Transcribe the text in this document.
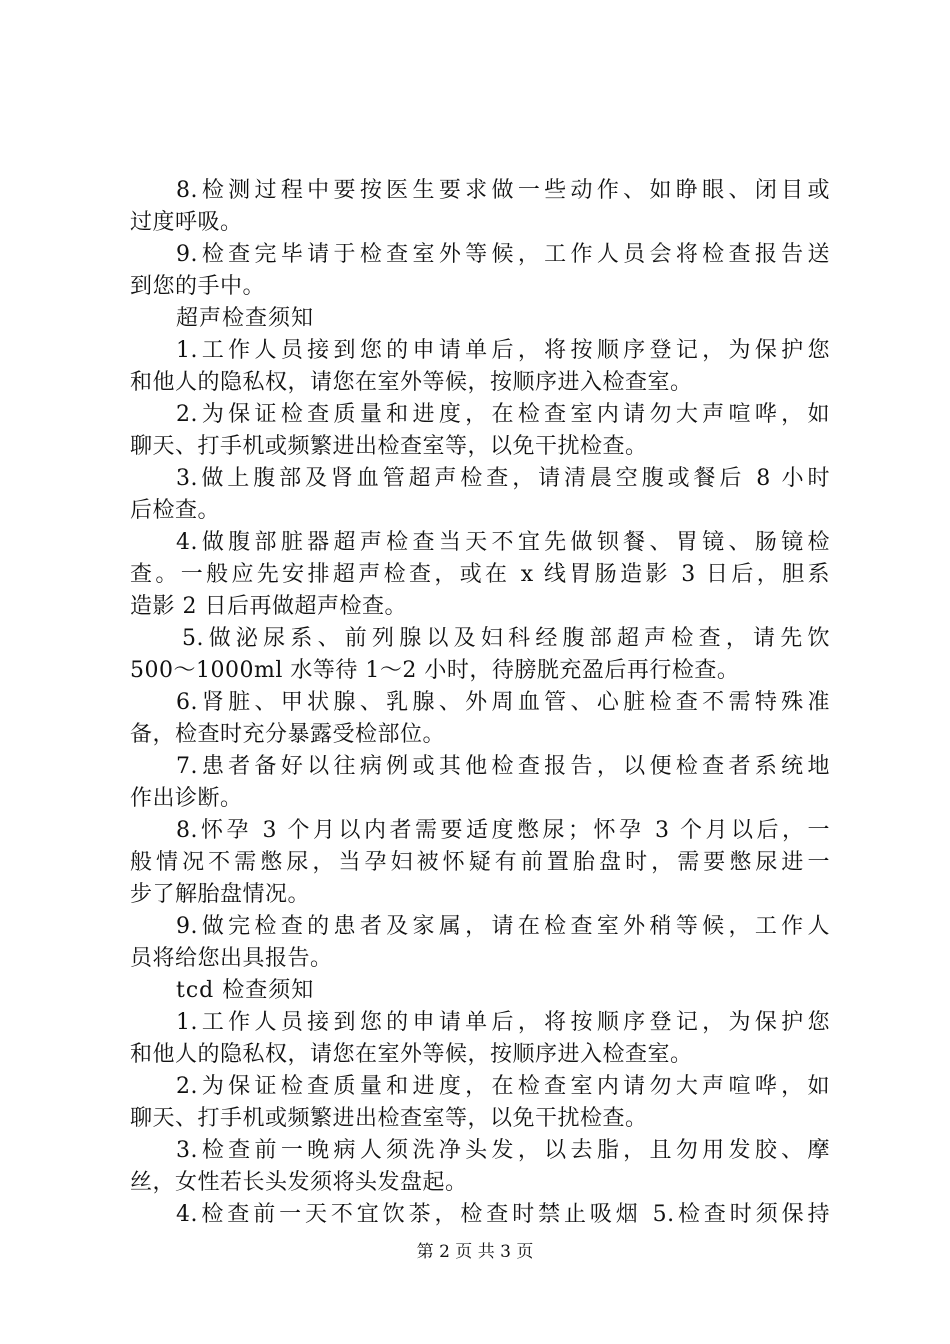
8.检测过程中要按医生要求做一些动作、如睁眼、闭目或
过度呼吸。
9.检查完毕请于检查室外等候，工作人员会将检查报告送
到您的手中。
超声检查须知
1.工作人员接到您的申请单后，将按顺序登记，为保护您
和他人的隐私权，请您在室外等候，按顺序进入检查室。
2.为保证检查质量和进度，在检查室内请勿大声喧哗，如
聊天、打手机或频繁进出检查室等，以免干扰检查。
3.做上腹部及肾血管超声检查，请清晨空腹或餐后 8 小时
后检查。
4.做腹部脏器超声检查当天不宜先做钡餐、胃镜、肠镜检
查。一般应先安排超声检查，或在 x 线胃肠造影 3 日后，胆系
造影 2 日后再做超声检查。
5.做泌尿系、前列腺以及妇科经腹部超声检查，请先饮
500～1000ml 水等待 1～2 小时，待膀胱充盈后再行检查。
6.肾脏、甲状腺、乳腺、外周血管、心脏检查不需特殊准
备，检查时充分暴露受检部位。
7.患者备好以往病例或其他检查报告，以便检查者系统地
作出诊断。
8.怀孕 3 个月以内者需要适度憋尿；怀孕 3 个月以后，一
般情况不需憋尿，当孕妇被怀疑有前置胎盘时，需要憋尿进一
步了解胎盘情况。
9.做完检查的患者及家属，请在检查室外稍等候，工作人
员将给您出具报告。
tcd 检查须知
1.工作人员接到您的申请单后，将按顺序登记，为保护您
和他人的隐私权，请您在室外等候，按顺序进入检查室。
2.为保证检查质量和进度，在检查室内请勿大声喧哗，如
聊天、打手机或频繁进出检查室等，以免干扰检查。
3.检查前一晚病人须洗净头发，以去脂，且勿用发胶、摩
丝，女性若长头发须将头发盘起。
4.检查前一天不宜饮茶，检查时禁止吸烟 5.检查时须保持
第 2 页 共 3 页
